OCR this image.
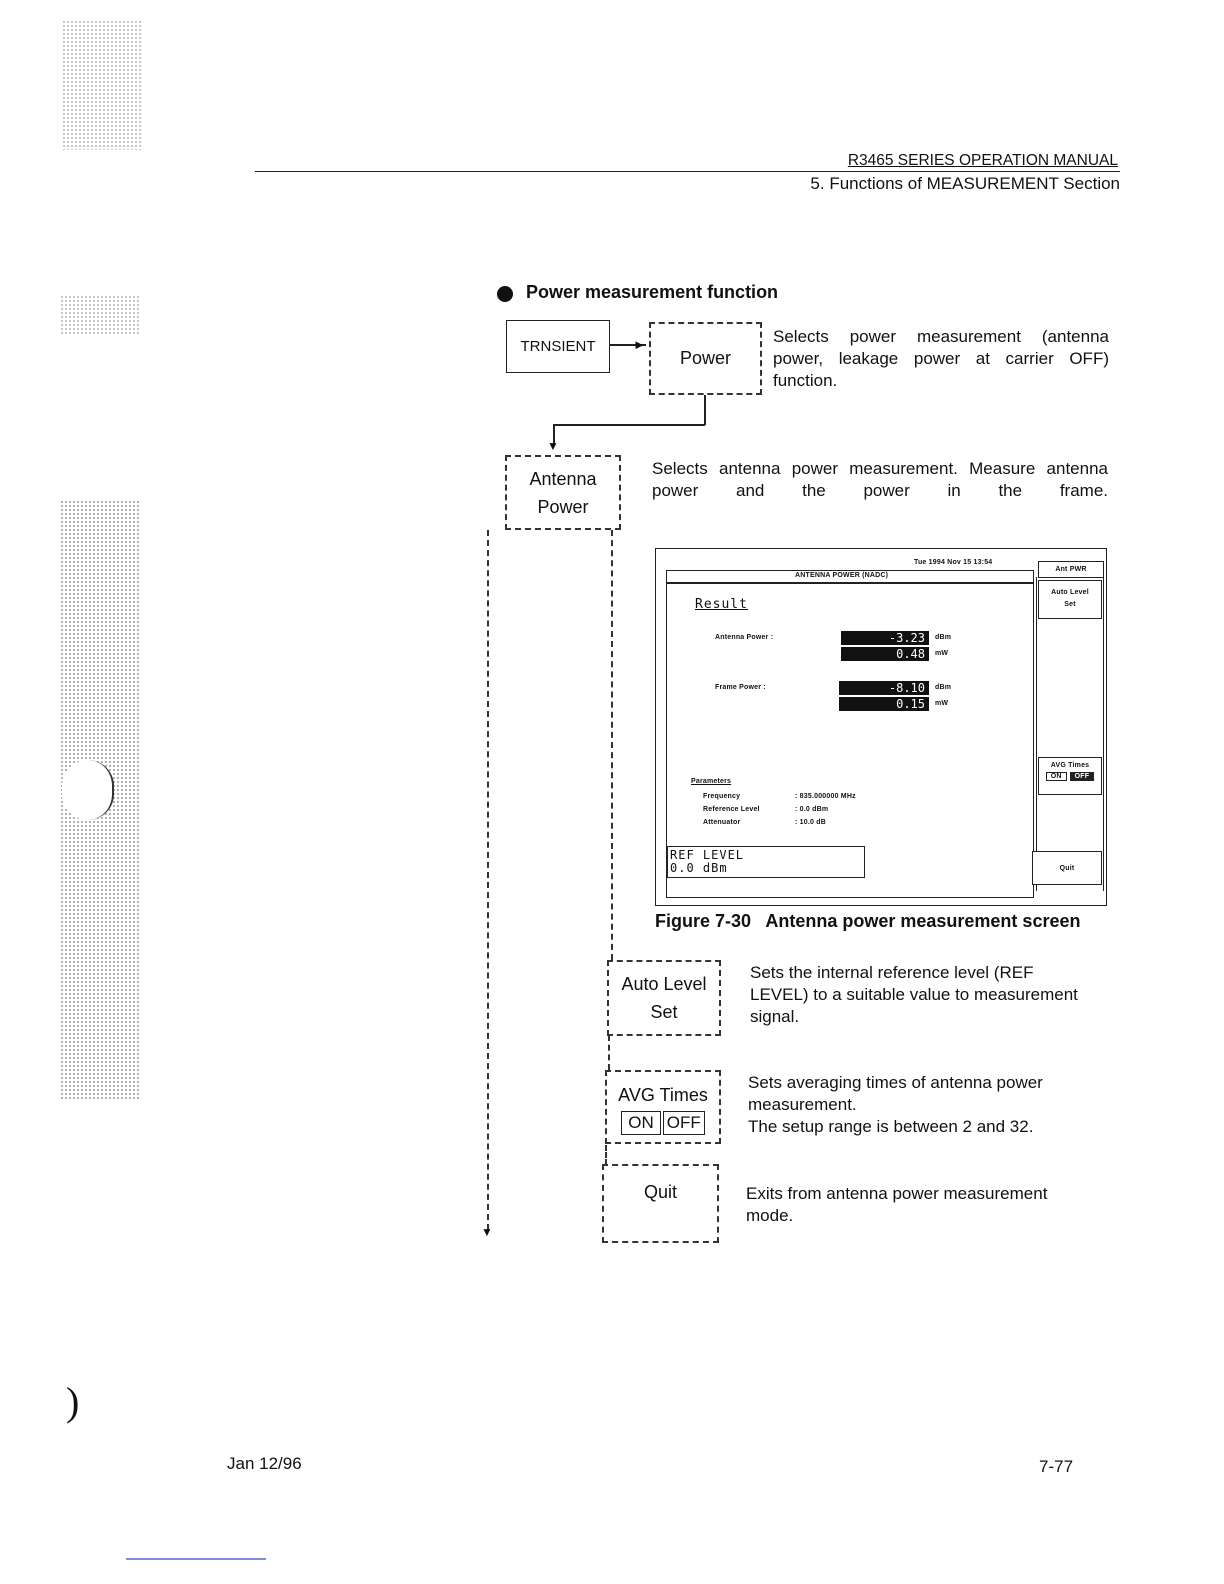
)
R3465 SERIES OPERATION MANUAL
5. Functions of MEASUREMENT Section
Power measurement function
TRNSIENT	►
Power
Selects power measurement (antenna power, leakage power at carrier OFF) function.
▼
Antenna
Power
Selects antenna power measurement. Measure antenna power and the power in the frame.
▼
Tue 1994 Nov 15 13:54
ANTENNA POWER (NADC)
Result
Antenna Power :	-3.23	dBm
0.48	mW
Frame Power :	-8.10	dBm
0.15	mW
Parameters
Frequency	: 835.000000 MHz
Reference Level	: 0.0 dBm
Attenuator	: 10.0 dB
REF LEVEL
0.0 dBm
Ant PWR
Auto Level
Set
AVG Times
ON	OFF
Quit
Figure 7-30   Antenna power measurement screen
Auto Level
Set
Sets the internal reference level (REF LEVEL) to a suitable value to measurement signal.
AVG Times
ON OFF
Sets averaging times of antenna power measurement.
The setup range is between 2 and 32.
Quit	Exits from antenna power measurement mode.
Jan 12/96	7-77
